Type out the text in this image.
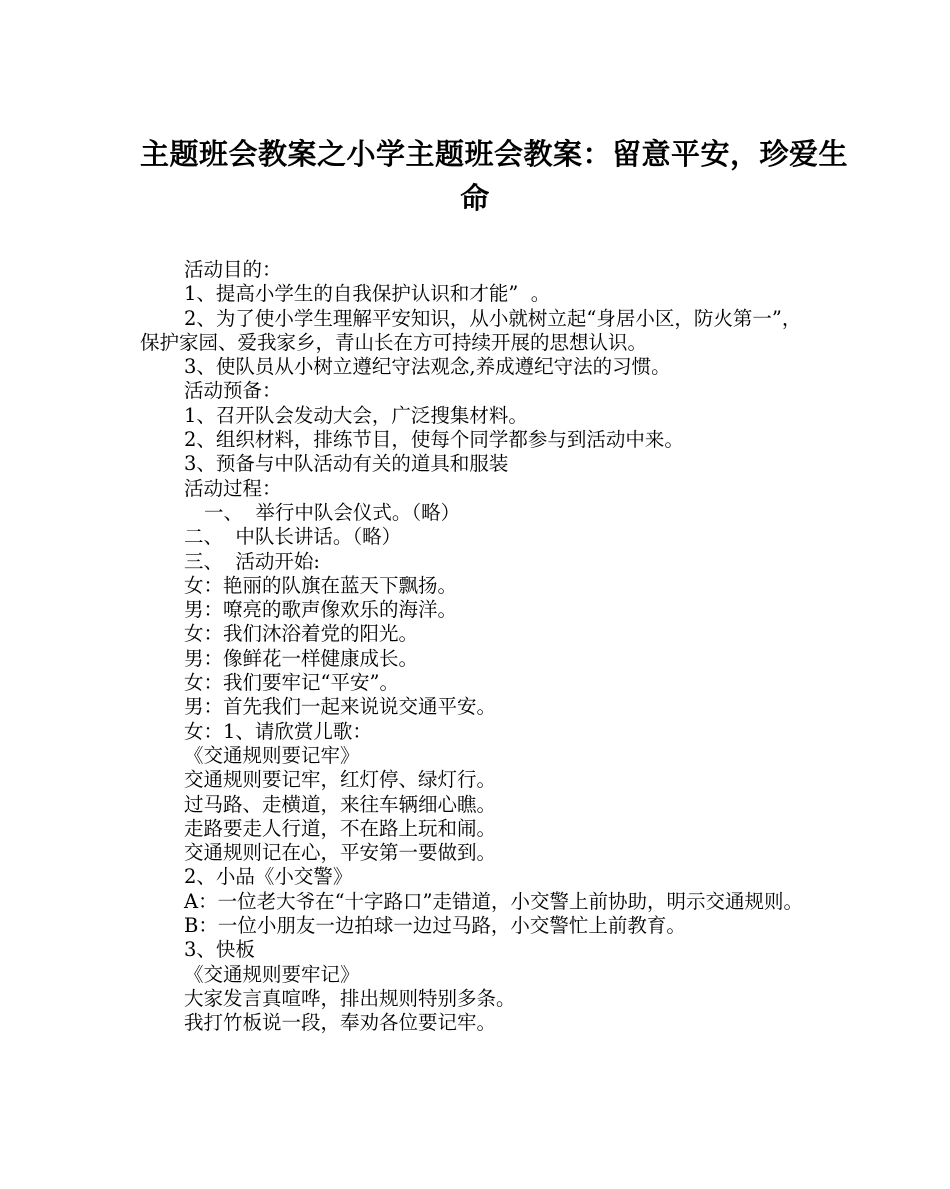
主题班会教案之小学主题班会教案：留意平安，珍爱生
命

活动目的：

1、提高小学生的自我保护认识和才能”  。

2、为了使小学生理解平安知识，从小就树立起“身居小区，防火第一”，保护家园、爱我家乡，青山长在方可持续开展的思想认识。

3、使队员从小树立遵纪守法观念,养成遵纪守法的习惯。

活动预备：

1、召开队会发动大会，广泛搜集材料。

2、组织材料，排练节目，使每个同学都参与到活动中来。

3、预备与中队活动有关的道具和服装

活动过程：

一、  举行中队会仪式。（略）

二、  中队长讲话。（略）

三、  活动开始:

女：艳丽的队旗在蓝天下飘扬。

男：嘹亮的歌声像欢乐的海洋。

女：我们沐浴着党的阳光。

男：像鲜花一样健康成长。

女：我们要牢记“平安”。

男：首先我们一起来说说交通平安。

女：1、请欣赏儿歌：

《交通规则要记牢》

交通规则要记牢，红灯停、绿灯行。

过马路、走横道，来往车辆细心瞧。

走路要走人行道，不在路上玩和闹。

交通规则记在心，平安第一要做到。

2、小品《小交警》

A：一位老大爷在“十字路口”走错道，小交警上前协助，明示交通规则。

B：一位小朋友一边拍球一边过马路，小交警忙上前教育。

3、快板

《交通规则要牢记》

大家发言真喧哗，排出规则特别多条。

我打竹板说一段，奉劝各位要记牢。
